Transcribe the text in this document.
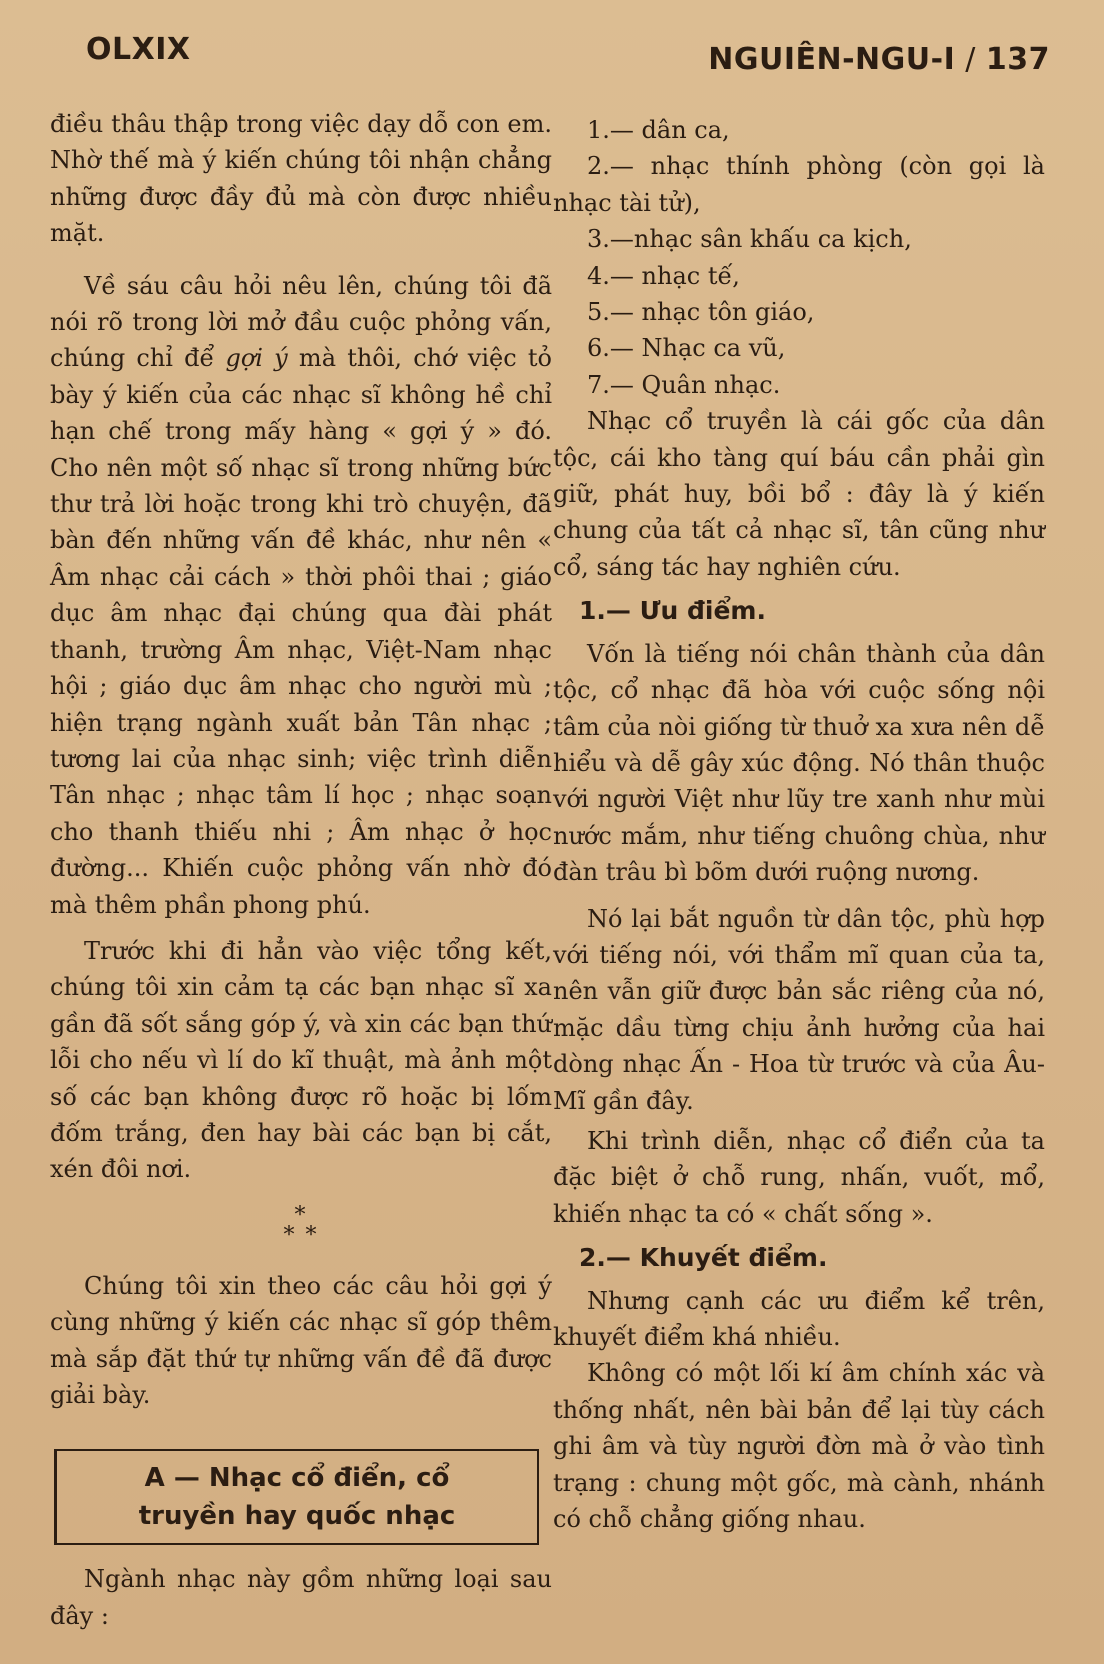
OLXIX	NGUIÊN-NGU-I / 137

điều thâu thập trong việc dạy dỗ con em. Nhờ thế mà ý kiến chúng tôi nhận chẳng những được đầy đủ mà còn được nhiều mặt.

Về sáu câu hỏi nêu lên, chúng tôi đã nói rõ trong lời mở đầu cuộc phỏng vấn, chúng chỉ để gợi ý mà thôi, chớ việc tỏ bày ý kiến của các nhạc sĩ không hề chỉ hạn chế trong mấy hàng « gợi ý » đó. Cho nên một số nhạc sĩ trong những bức thư trả lời hoặc trong khi trò chuyện, đã bàn đến những vấn đề khác, như nên « Âm nhạc cải cách » thời phôi thai ; giáo dục âm nhạc đại chúng qua đài phát thanh, trường Âm nhạc, Việt-Nam nhạc hội ; giáo dục âm nhạc cho người mù ; hiện trạng ngành xuất bản Tân nhạc ; tương lai của nhạc sinh; việc trình diễn Tân nhạc ; nhạc tâm lí học ; nhạc soạn cho thanh thiếu nhi ; Âm nhạc ở học đường... Khiến cuộc phỏng vấn nhờ đó mà thêm phần phong phú.

Trước khi đi hẳn vào việc tổng kết, chúng tôi xin cảm tạ các bạn nhạc sĩ xa gần đã sốt sắng góp ý, và xin các bạn thứ lỗi cho nếu vì lí do kĩ thuật, mà ảnh một số các bạn không được rõ hoặc bị lốm đốm trắng, đen hay bài các bạn bị cắt, xén đôi nơi.

*
* *

Chúng tôi xin theo các câu hỏi gợi ý cùng những ý kiến các nhạc sĩ góp thêm mà sắp đặt thứ tự những vấn đề đã được giải bày.

A — Nhạc cổ điển, cổ
truyền hay quốc nhạc

Ngành nhạc này gồm những loại sau đây :

1.— dân ca,

2.— nhạc thính phòng (còn gọi là nhạc tài tử),

3.—nhạc sân khấu ca kịch,

4.— nhạc tế,

5.— nhạc tôn giáo,

6.— Nhạc ca vũ,

7.— Quân nhạc.

Nhạc cổ truyền là cái gốc của dân tộc, cái kho tàng quí báu cần phải gìn giữ, phát huy, bồi bổ : đây là ý kiến chung của tất cả nhạc sĩ, tân cũng như cổ, sáng tác hay nghiên cứu.

1.— Ưu điểm.

Vốn là tiếng nói chân thành của dân tộc, cổ nhạc đã hòa với cuộc sống nội tâm của nòi giống từ thuở xa xưa nên dễ hiểu và dễ gây xúc động. Nó thân thuộc với người Việt như lũy tre xanh như mùi nước mắm, như tiếng chuông chùa, như đàn trâu bì bõm dưới ruộng nương.

Nó lại bắt nguồn từ dân tộc, phù hợp với tiếng nói, với thẩm mĩ quan của ta, nên vẫn giữ được bản sắc riêng của nó, mặc dầu từng chịu ảnh hưởng của hai dòng nhạc Ấn - Hoa từ trước và của Âu-Mĩ gần đây.

Khi trình diễn, nhạc cổ điển của ta đặc biệt ở chỗ rung, nhấn, vuốt, mổ, khiến nhạc ta có « chất sống ».

2.— Khuyết điểm.

Nhưng cạnh các ưu điểm kể trên, khuyết điểm khá nhiều.

Không có một lối kí âm chính xác và thống nhất, nên bài bản để lại tùy cách ghi âm và tùy người đờn mà ở vào tình trạng : chung một gốc, mà cành, nhánh có chỗ chẳng giống nhau.
